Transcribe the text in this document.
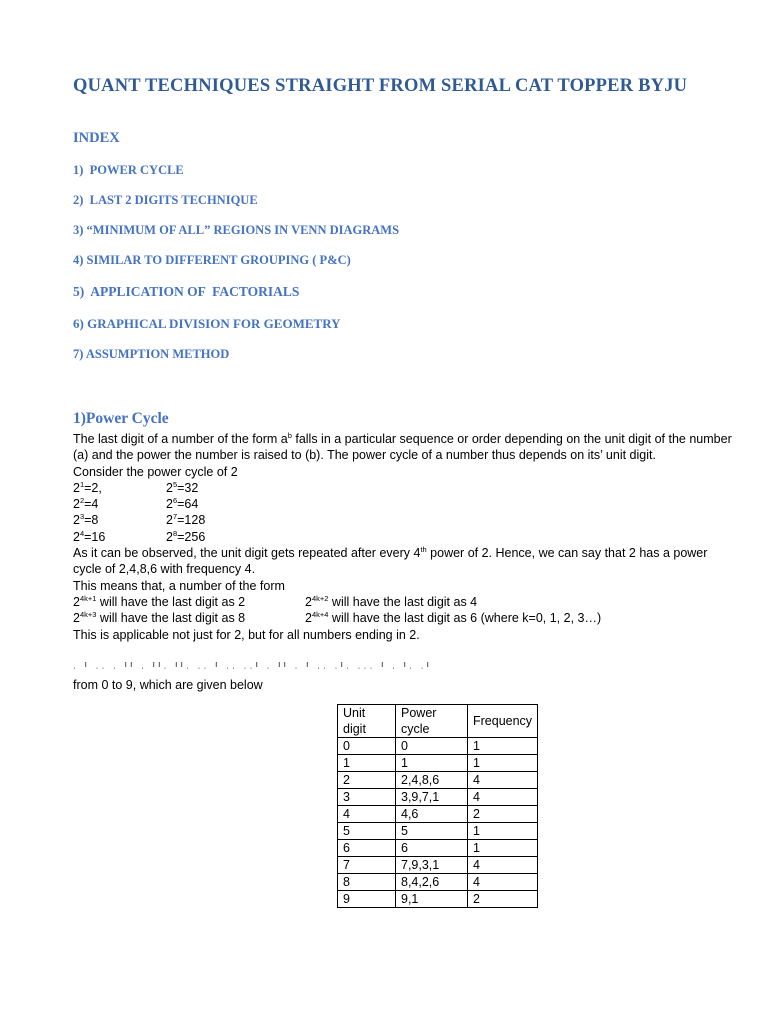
QUANT TECHNIQUES STRAIGHT FROM SERIAL CAT TOPPER BYJU
INDEX
1)  POWER CYCLE
2)  LAST 2 DIGITS TECHNIQUE
3) “MINIMUM OF ALL” REGIONS IN VENN DIAGRAMS
4) SIMILAR TO DIFFERENT GROUPING ( P&C)
5)  APPLICATION OF  FACTORIALS
6) GRAPHICAL DIVISION FOR GEOMETRY
7) ASSUMPTION METHOD
1)Power Cycle
The last digit of a number of the form $a^b$ falls in a particular sequence or order depending on the unit digit of the number (a) and the power the number is raised to (b). The power cycle of a number thus depends on its’ unit digit.
Consider the power cycle of 2
$2^1=2$,	$2^5=32$
$2^2=4$	$2^6=64$
$2^3=8$	$2^7=128$
$2^4=16$	$2^8=256$
As it can be observed, the unit digit gets repeated after every 4th power of 2. Hence, we can say that 2 has a power cycle of 2,4,8,6 with frequency 4.
This means that, a number of the form
$2^{4k+1}$ will have the last digit as 2	$2^{4k+2}$ will have the last digit as 4
$2^{4k+3}$ will have the last digit as 8	$2^{4k+4}$ will have the last digit as 6 (where k=0, 1, 2, 3…)
This is applicable not just for 2, but for all numbers ending in 2.
ˌ ı ˌˌ ˌ ıı ˌ ııˌ ııˌ ˌˌ ı ˌˌ ˌˌı ˌ ıı ˌ ı ˌˌ ˌıˌ ˌˌˌ ı ˌ ıˌ ˌı
from 0 to 9, which are given below
Unit digit	Power cycle	Frequency
0	0	1
1	1	1
2	2,4,8,6	4
3	3,9,7,1	4
4	4,6	2
5	5	1
6	6	1
7	7,9,3,1	4
8	8,4,2,6	4
9	9,1	2
